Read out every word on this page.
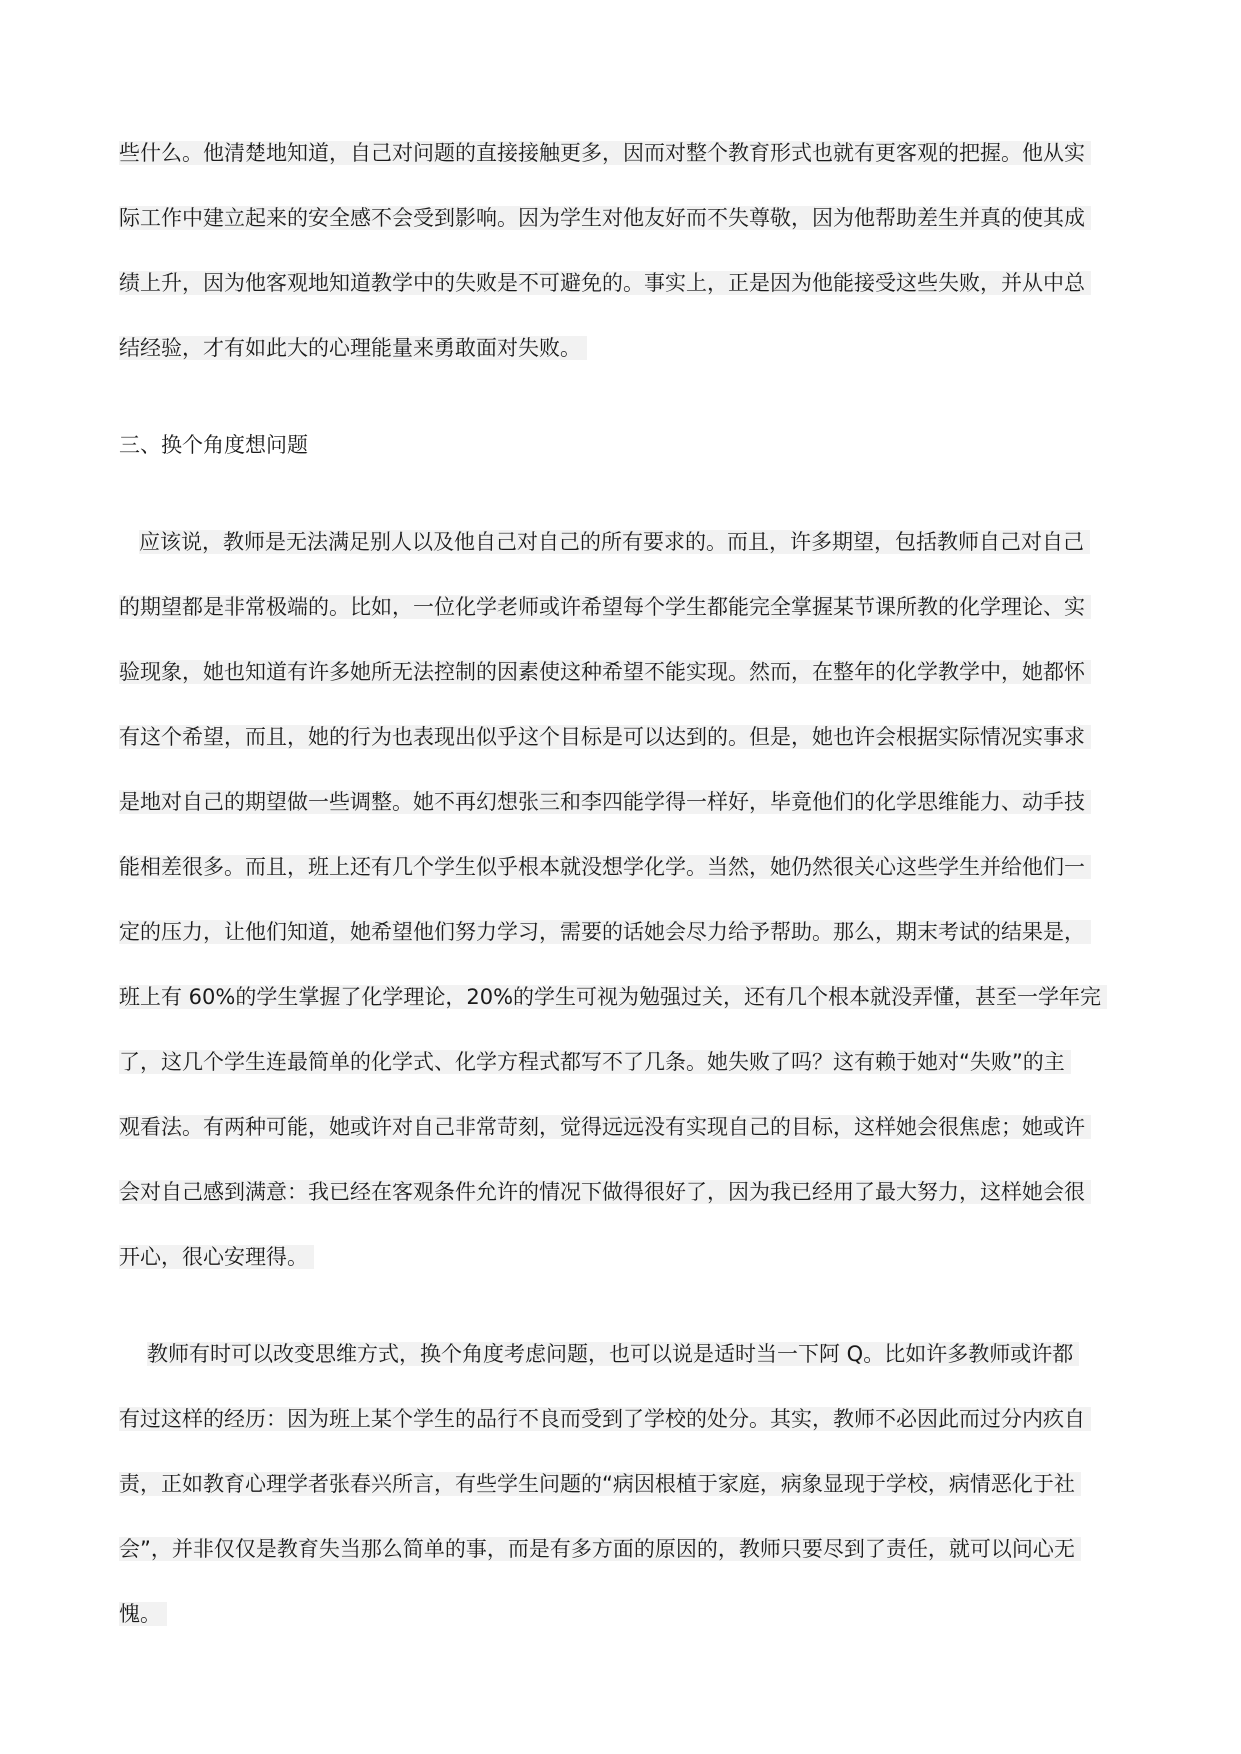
些什么。他清楚地知道，自己对问题的直接接触更多，因而对整个教育形式也就有更客观的把握。他从实
际工作中建立起来的安全感不会受到影响。因为学生对他友好而不失尊敬，因为他帮助差生并真的使其成
绩上升，因为他客观地知道教学中的失败是不可避免的。事实上，正是因为他能接受这些失败，并从中总
结经验，才有如此大的心理能量来勇敢面对失败。
三、换个角度想问题
应该说，教师是无法满足别人以及他自己对自己的所有要求的。而且，许多期望，包括教师自己对自己
的期望都是非常极端的。比如，一位化学老师或许希望每个学生都能完全掌握某节课所教的化学理论、实
验现象，她也知道有许多她所无法控制的因素使这种希望不能实现。然而，在整年的化学教学中，她都怀
有这个希望，而且，她的行为也表现出似乎这个目标是可以达到的。但是，她也许会根据实际情况实事求
是地对自己的期望做一些调整。她不再幻想张三和李四能学得一样好，毕竟他们的化学思维能力、动手技
能相差很多。而且，班上还有几个学生似乎根本就没想学化学。当然，她仍然很关心这些学生并给他们一
定的压力，让他们知道，她希望他们努力学习，需要的话她会尽力给予帮助。那么，期末考试的结果是，
班上有 60%的学生掌握了化学理论，20%的学生可视为勉强过关，还有几个根本就没弄懂，甚至一学年完
了，这几个学生连最简单的化学式、化学方程式都写不了几条。她失败了吗？这有赖于她对“失败”的主
观看法。有两种可能，她或许对自己非常苛刻，觉得远远没有实现自己的目标，这样她会很焦虑；她或许
会对自己感到满意：我已经在客观条件允许的情况下做得很好了，因为我已经用了最大努力，这样她会很
开心，很心安理得。
教师有时可以改变思维方式，换个角度考虑问题，也可以说是适时当一下阿 Q。比如许多教师或许都
有过这样的经历：因为班上某个学生的品行不良而受到了学校的处分。其实，教师不必因此而过分内疚自
责，正如教育心理学者张春兴所言，有些学生问题的“病因根植于家庭，病象显现于学校，病情恶化于社
会”，并非仅仅是教育失当那么简单的事，而是有多方面的原因的，教师只要尽到了责任，就可以问心无
愧。
